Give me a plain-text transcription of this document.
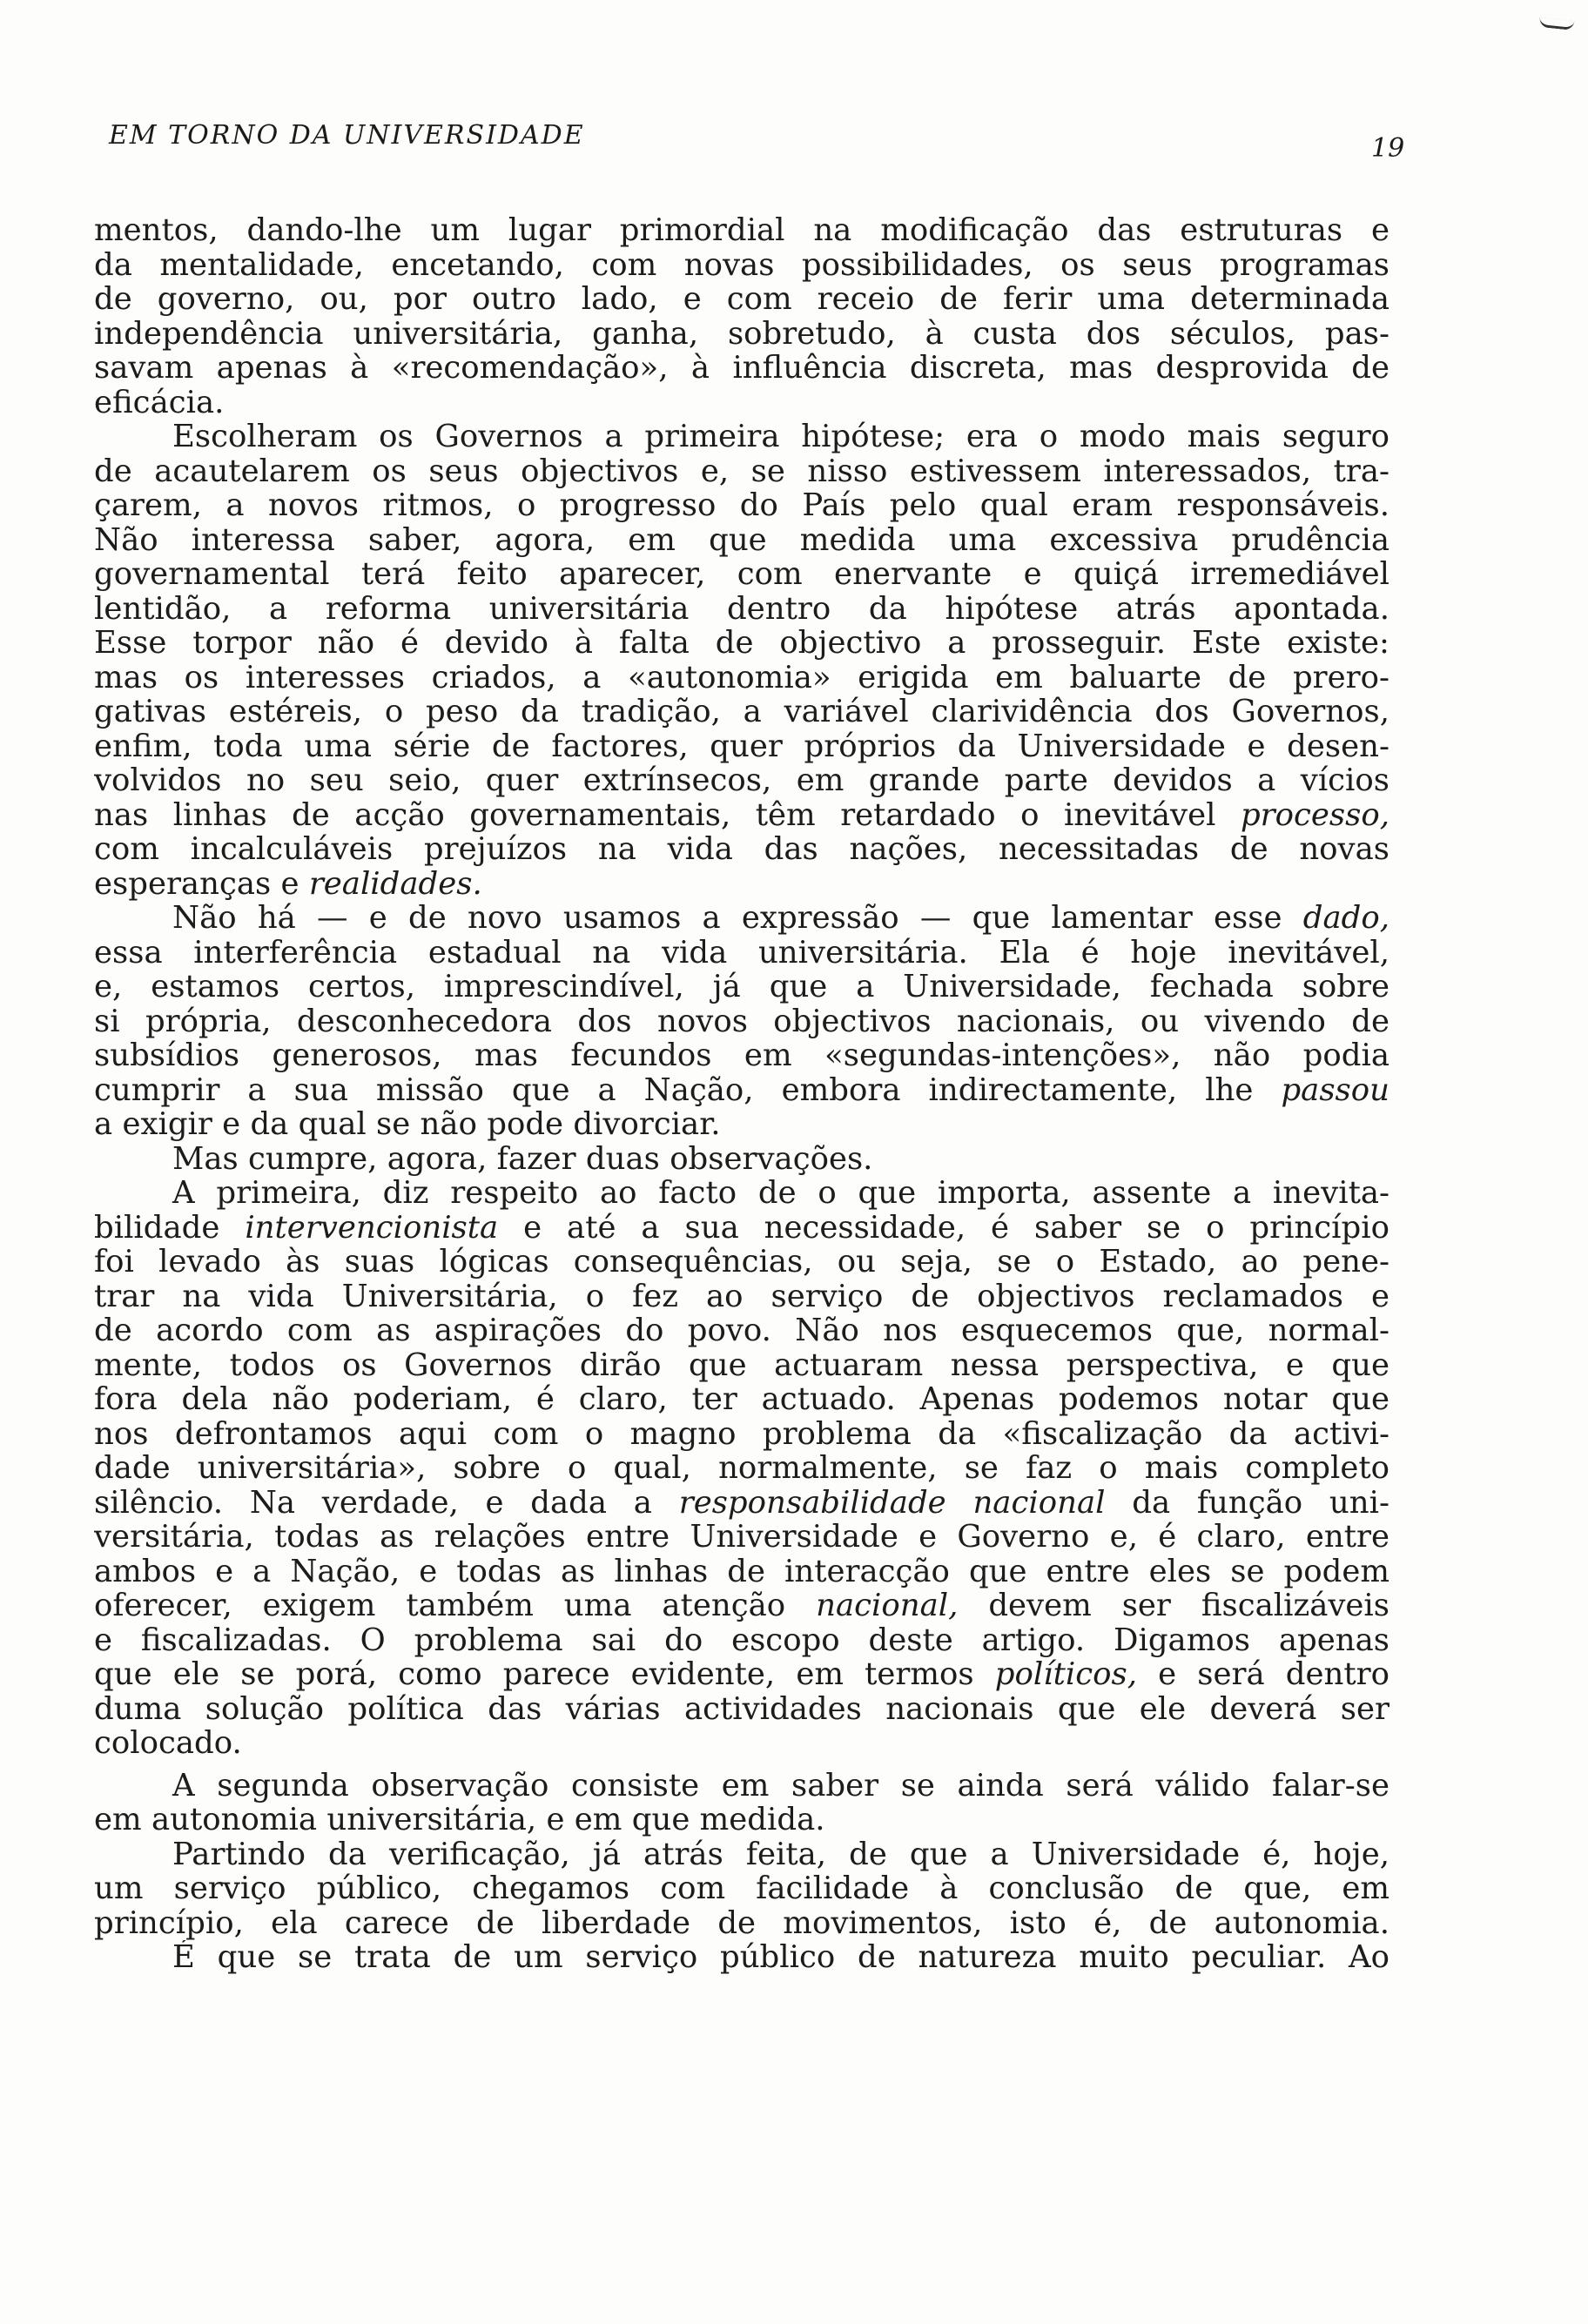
EM TORNO DA UNIVERSIDADE	19
mentos, dando-lhe um lugar primordial na modificação das estruturas e
da mentalidade, encetando, com novas possibilidades, os seus programas
de governo, ou, por outro lado, e com receio de ferir uma determinada
independência universitária, ganha, sobretudo, à custa dos séculos, pas-
savam apenas à «recomendação», à influência discreta, mas desprovida de
eficácia.
Escolheram os Governos a primeira hipótese; era o modo mais seguro
de acautelarem os seus objectivos e, se nisso estivessem interessados, tra-
çarem, a novos ritmos, o progresso do País pelo qual eram responsáveis.
Não interessa saber, agora, em que medida uma excessiva prudência
governamental terá feito aparecer, com enervante e quiçá irremediável
lentidão, a reforma universitária dentro da hipótese atrás apontada.
Esse torpor não é devido à falta de objectivo a prosseguir. Este existe:
mas os interesses criados, a «autonomia» erigida em baluarte de prero-
gativas estéreis, o peso da tradição, a variável clarividência dos Governos,
enfim, toda uma série de factores, quer próprios da Universidade e desen-
volvidos no seu seio, quer extrínsecos, em grande parte devidos a vícios
nas linhas de acção governamentais, têm retardado o inevitável processo,
com incalculáveis prejuízos na vida das nações, necessitadas de novas
esperanças e realidades.
Não há — e de novo usamos a expressão — que lamentar esse dado,
essa interferência estadual na vida universitária. Ela é hoje inevitável,
e, estamos certos, imprescindível, já que a Universidade, fechada sobre
si própria, desconhecedora dos novos objectivos nacionais, ou vivendo de
subsídios generosos, mas fecundos em «segundas-intenções», não podia
cumprir a sua missão que a Nação, embora indirectamente, lhe passou
a exigir e da qual se não pode divorciar.
Mas cumpre, agora, fazer duas observações.
A primeira, diz respeito ao facto de o que importa, assente a inevita-
bilidade intervencionista e até a sua necessidade, é saber se o princípio
foi levado às suas lógicas consequências, ou seja, se o Estado, ao pene-
trar na vida Universitária, o fez ao serviço de objectivos reclamados e
de acordo com as aspirações do povo. Não nos esquecemos que, normal-
mente, todos os Governos dirão que actuaram nessa perspectiva, e que
fora dela não poderiam, é claro, ter actuado. Apenas podemos notar que
nos defrontamos aqui com o magno problema da «fiscalização da activi-
dade universitária», sobre o qual, normalmente, se faz o mais completo
silêncio. Na verdade, e dada a responsabilidade nacional da função uni-
versitária, todas as relações entre Universidade e Governo e, é claro, entre
ambos e a Nação, e todas as linhas de interacção que entre eles se podem
oferecer, exigem também uma atenção nacional, devem ser fiscalizáveis
e fiscalizadas. O problema sai do escopo deste artigo. Digamos apenas
que ele se porá, como parece evidente, em termos políticos, e será dentro
duma solução política das várias actividades nacionais que ele deverá ser
colocado.
A segunda observação consiste em saber se ainda será válido falar-se
em autonomia universitária, e em que medida.
Partindo da verificação, já atrás feita, de que a Universidade é, hoje,
um serviço público, chegamos com facilidade à conclusão de que, em
princípio, ela carece de liberdade de movimentos, isto é, de autonomia.
É que se trata de um serviço público de natureza muito peculiar. Ao
